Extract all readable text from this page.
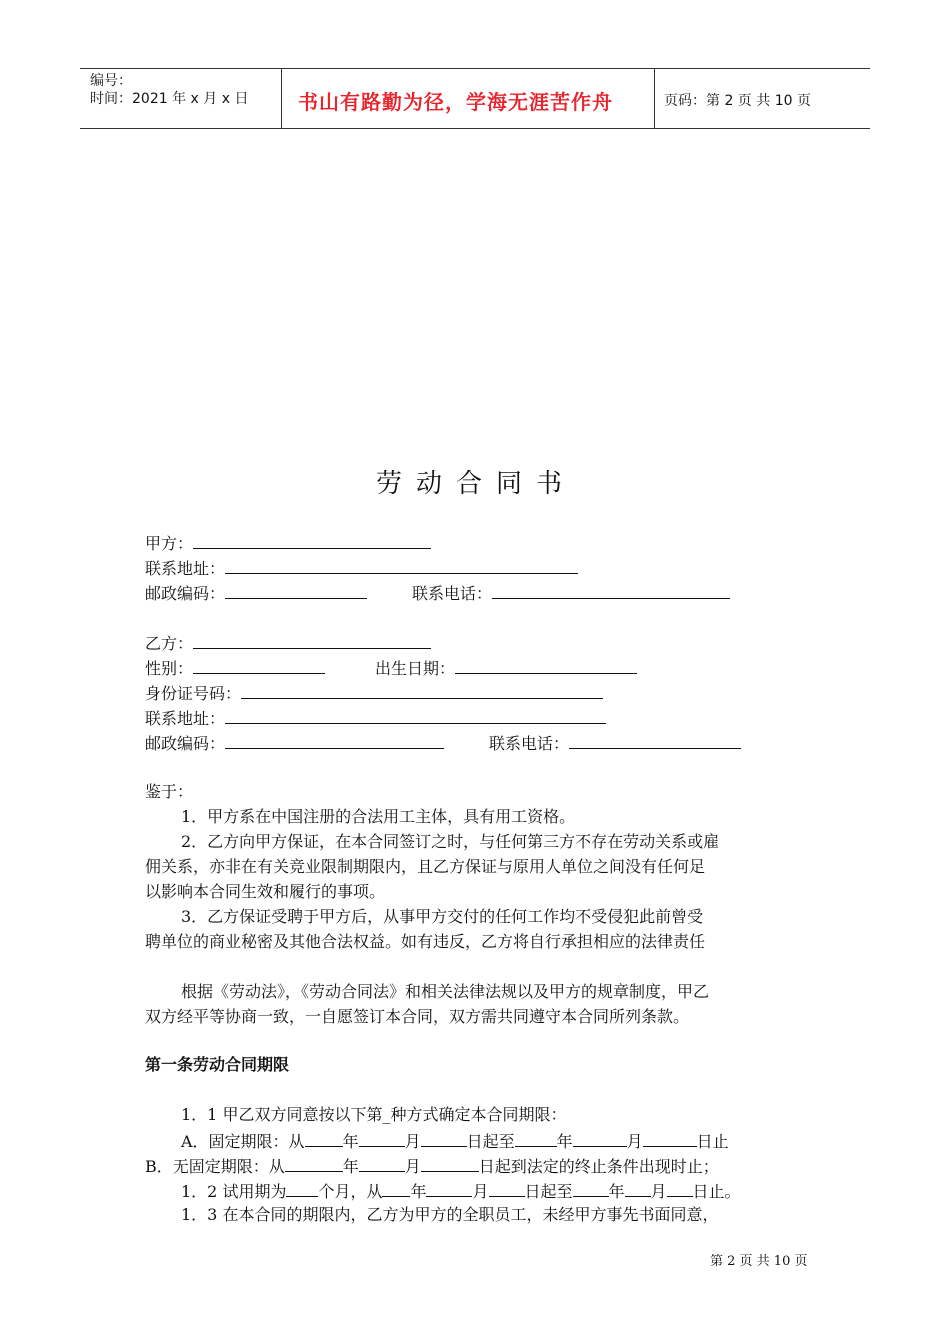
编号：
时间：2021 年 x 月 x 日 书山有路勤为径，学海无涯苦作舟	页码：第 2 页 共 10 页
劳动合同书
甲方：
联系地址：
邮政编码：	联系电话：
乙方：
性别：	出生日期：
身份证号码：
联系地址：
邮政编码：	联系电话：
鉴于：
1．甲方系在中国注册的合法用工主体，具有用工资格。
2．乙方向甲方保证，在本合同签订之时，与任何第三方不存在劳动关系或雇
佣关系，亦非在有关竞业限制期限内，且乙方保证与原用人单位之间没有任何足
以影响本合同生效和履行的事项。
3．乙方保证受聘于甲方后，从事甲方交付的任何工作均不受侵犯此前曾受
聘单位的商业秘密及其他合法权益。如有违反，乙方将自行承担相应的法律责任
根据《劳动法》，《劳动合同法》和相关法律法规以及甲方的规章制度，甲乙
双方经平等协商一致，一自愿签订本合同，双方需共同遵守本合同所列条款。
第一条劳动合同期限
1．1 甲乙双方同意按以下第_种方式确定本合同期限：
A．固定期限：从 年	月	日起至	年	月	日止
B．无固定期限：从	年	月	日起到法定的终止条件出现时止；
1．2 试用期为 个月，从 年	月 日起至 年 月 日止。
1．3 在本合同的期限内，乙方为甲方的全职员工，未经甲方事先书面同意，
第 2 页 共 10 页
